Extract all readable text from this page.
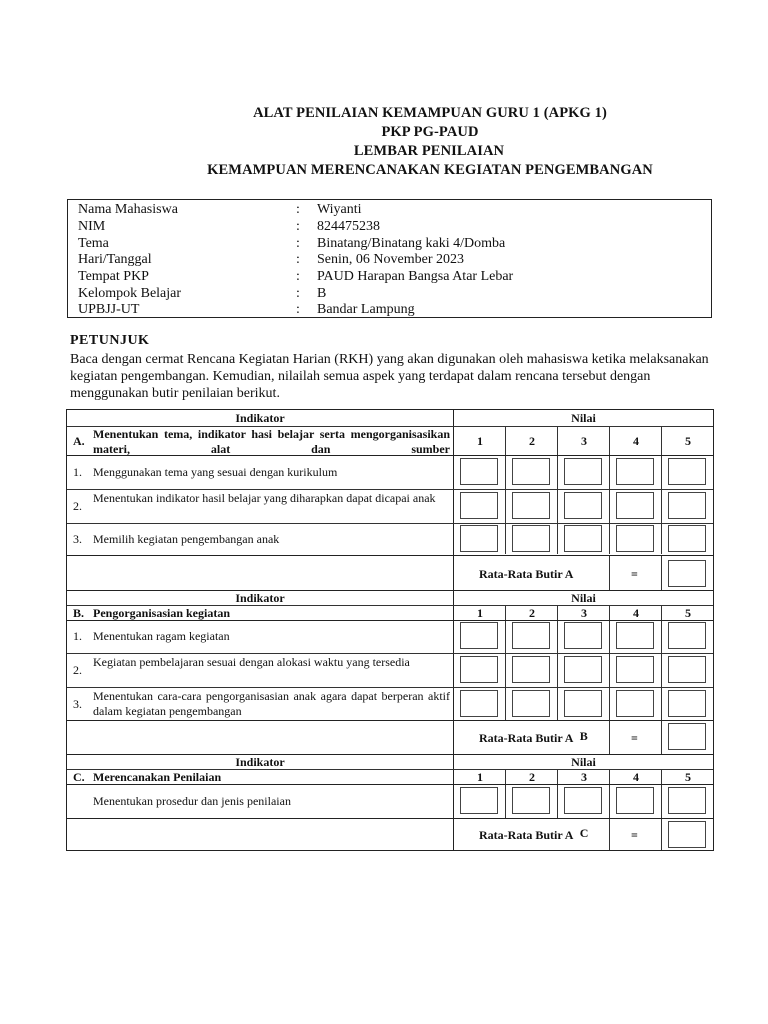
ALAT PENILAIAN KEMAMPUAN GURU 1 (APKG 1)
PKP PG-PAUD
LEMBAR PENILAIAN
KEMAMPUAN MERENCANAKAN KEGIATAN PENGEMBANGAN
Nama Mahasiswa	: Wiyanti
NIM	: 824475238
Tema	: Binatang/Binatang kaki 4/Domba
Hari/Tanggal	: Senin, 06 November 2023
Tempat PKP	: PAUD Harapan Bangsa Atar Lebar
Kelompok Belajar	: B
UPBJJ-UT	: Bandar Lampung
PETUNJUK
Baca dengan cermat Rencana Kegiatan Harian (RKH) yang akan digunakan oleh mahasiswa ketika melaksanakan kegiatan pengembangan. Kemudian, nilailah semua aspek yang terdapat dalam rencana tersebut dengan menggunakan butir penilaian berikut.
Indikator	Nilai
A. Menentukan tema, indikator hasi belajar serta mengorganisasikan materi, alat dan sumber
1	2	3	4	5
1. Menggunakan tema yang sesuai dengan kurikulum
2.
Menentukan indikator hasil belajar yang diharapkan dapat dicapai anak
3. Memilih kegiatan pengembangan anak
Rata-Rata Butir A	=
Indikator	Nilai
B. Pengorganisasian kegiatan	1	2	3	4	5
1. Menentukan ragam kegiatan
2.
Kegiatan pembelajaran sesuai dengan alokasi waktu yang tersedia
3.
Menentukan cara-cara pengorganisasian anak agara dapat berperan aktif dalam kegiatan pengembangan
Rata-Rata Butir A B	=
Indikator	Nilai
C. Merencanakan Penilaian	1	2	3	4	5
Menentukan prosedur dan jenis penilaian
Rata-Rata Butir A C	=
